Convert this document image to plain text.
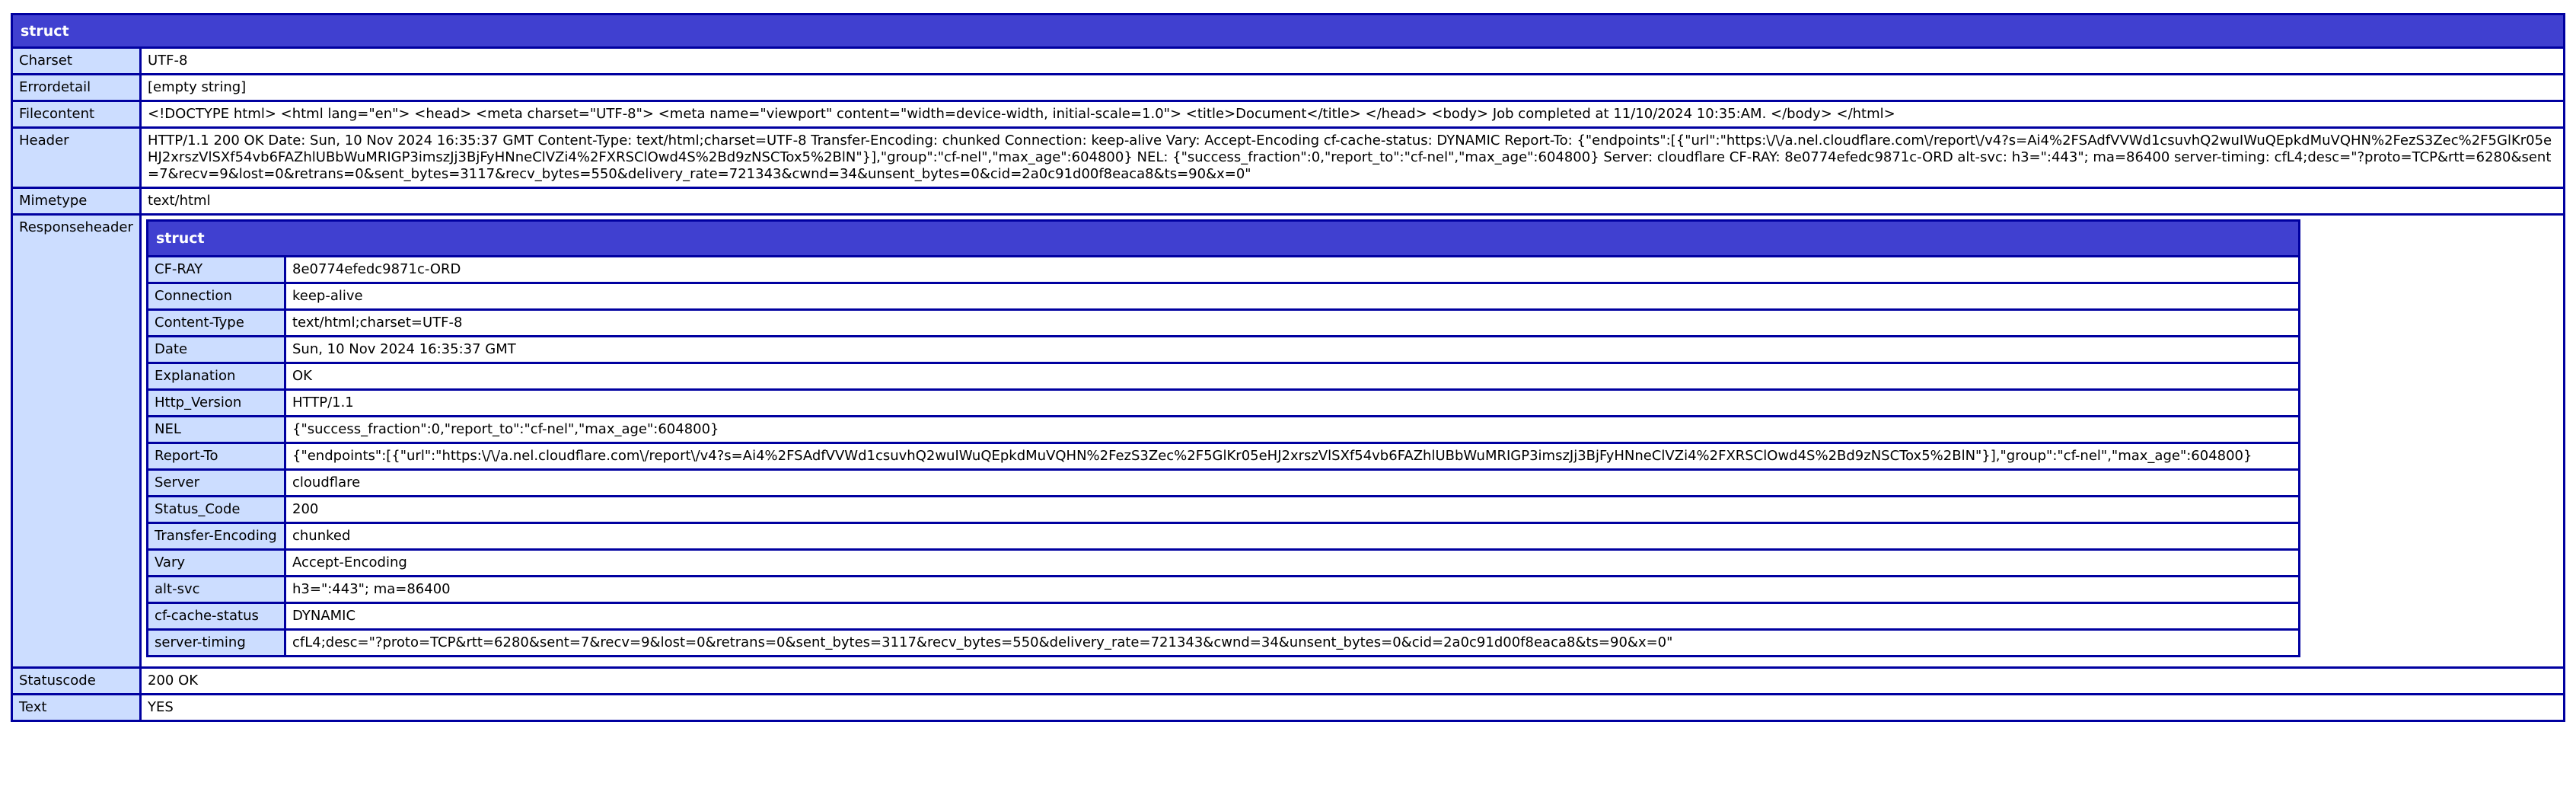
struct
Charset	UTF-8
Errordetail	[empty string]
Filecontent	<!DOCTYPE html> <html lang="en"> <head> <meta charset="UTF-8"> <meta name="viewport" content="width=device-width, initial-scale=1.0"> <title>Document</title> </head> <body> Job completed at 11/10/2024 10:35:AM. </body> </html>
Header	HTTP/1.1 200 OK Date: Sun, 10 Nov 2024 16:35:37 GMT Content-Type: text/html;charset=UTF-8 Transfer-Encoding: chunked Connection: keep-alive Vary: Accept-Encoding cf-cache-status: DYNAMIC Report-To: {"endpoints":[{"url":"https:\/\/a.nel.cloudflare.com\/report\/v4?s=Ai4%2FSAdfVVWd1csuvhQ2wuIWuQEpkdMuVQHN%2FezS3Zec%2F5GlKr05eHJ2xrszVlSXf54vb6FAZhlUBbWuMRIGP3imszJj3BjFyHNneClVZi4%2FXRSClOwd4S%2Bd9zNSCTox5%2BlN"}],"group":"cf-nel","max_age":604800} NEL: {"success_fraction":0,"report_to":"cf-nel","max_age":604800} Server: cloudflare CF-RAY: 8e0774efedc9871c-ORD alt-svc: h3=":443"; ma=86400 server-timing: cfL4;desc="?proto=TCP&rtt=6280&sent=7&recv=9&lost=0&retrans=0&sent_bytes=3117&recv_bytes=550&delivery_rate=721343&cwnd=34&unsent_bytes=0&cid=2a0c91d00f8eaca8&ts=90&x=0"
Mimetype	text/html
Responseheader	
struct
CF-RAY	8e0774efedc9871c-ORD
Connection	keep-alive
Content-Type	text/html;charset=UTF-8
Date	Sun, 10 Nov 2024 16:35:37 GMT
Explanation	OK
Http_Version	HTTP/1.1
NEL	{"success_fraction":0,"report_to":"cf-nel","max_age":604800}
Report-To	{"endpoints":[{"url":"https:\/\/a.nel.cloudflare.com\/report\/v4?s=Ai4%2FSAdfVVWd1csuvhQ2wuIWuQEpkdMuVQHN%2FezS3Zec%2F5GlKr05eHJ2xrszVlSXf54vb6FAZhlUBbWuMRIGP3imszJj3BjFyHNneClVZi4%2FXRSClOwd4S%2Bd9zNSCTox5%2BlN"}],"group":"cf-nel","max_age":604800}
Server	cloudflare
Status_Code	200
Transfer-Encoding	chunked
Vary	Accept-Encoding
alt-svc	h3=":443"; ma=86400
cf-cache-status	DYNAMIC
server-timing	cfL4;desc="?proto=TCP&rtt=6280&sent=7&recv=9&lost=0&retrans=0&sent_bytes=3117&recv_bytes=550&delivery_rate=721343&cwnd=34&unsent_bytes=0&cid=2a0c91d00f8eaca8&ts=90&x=0"

Statuscode	200 OK
Text	YES
